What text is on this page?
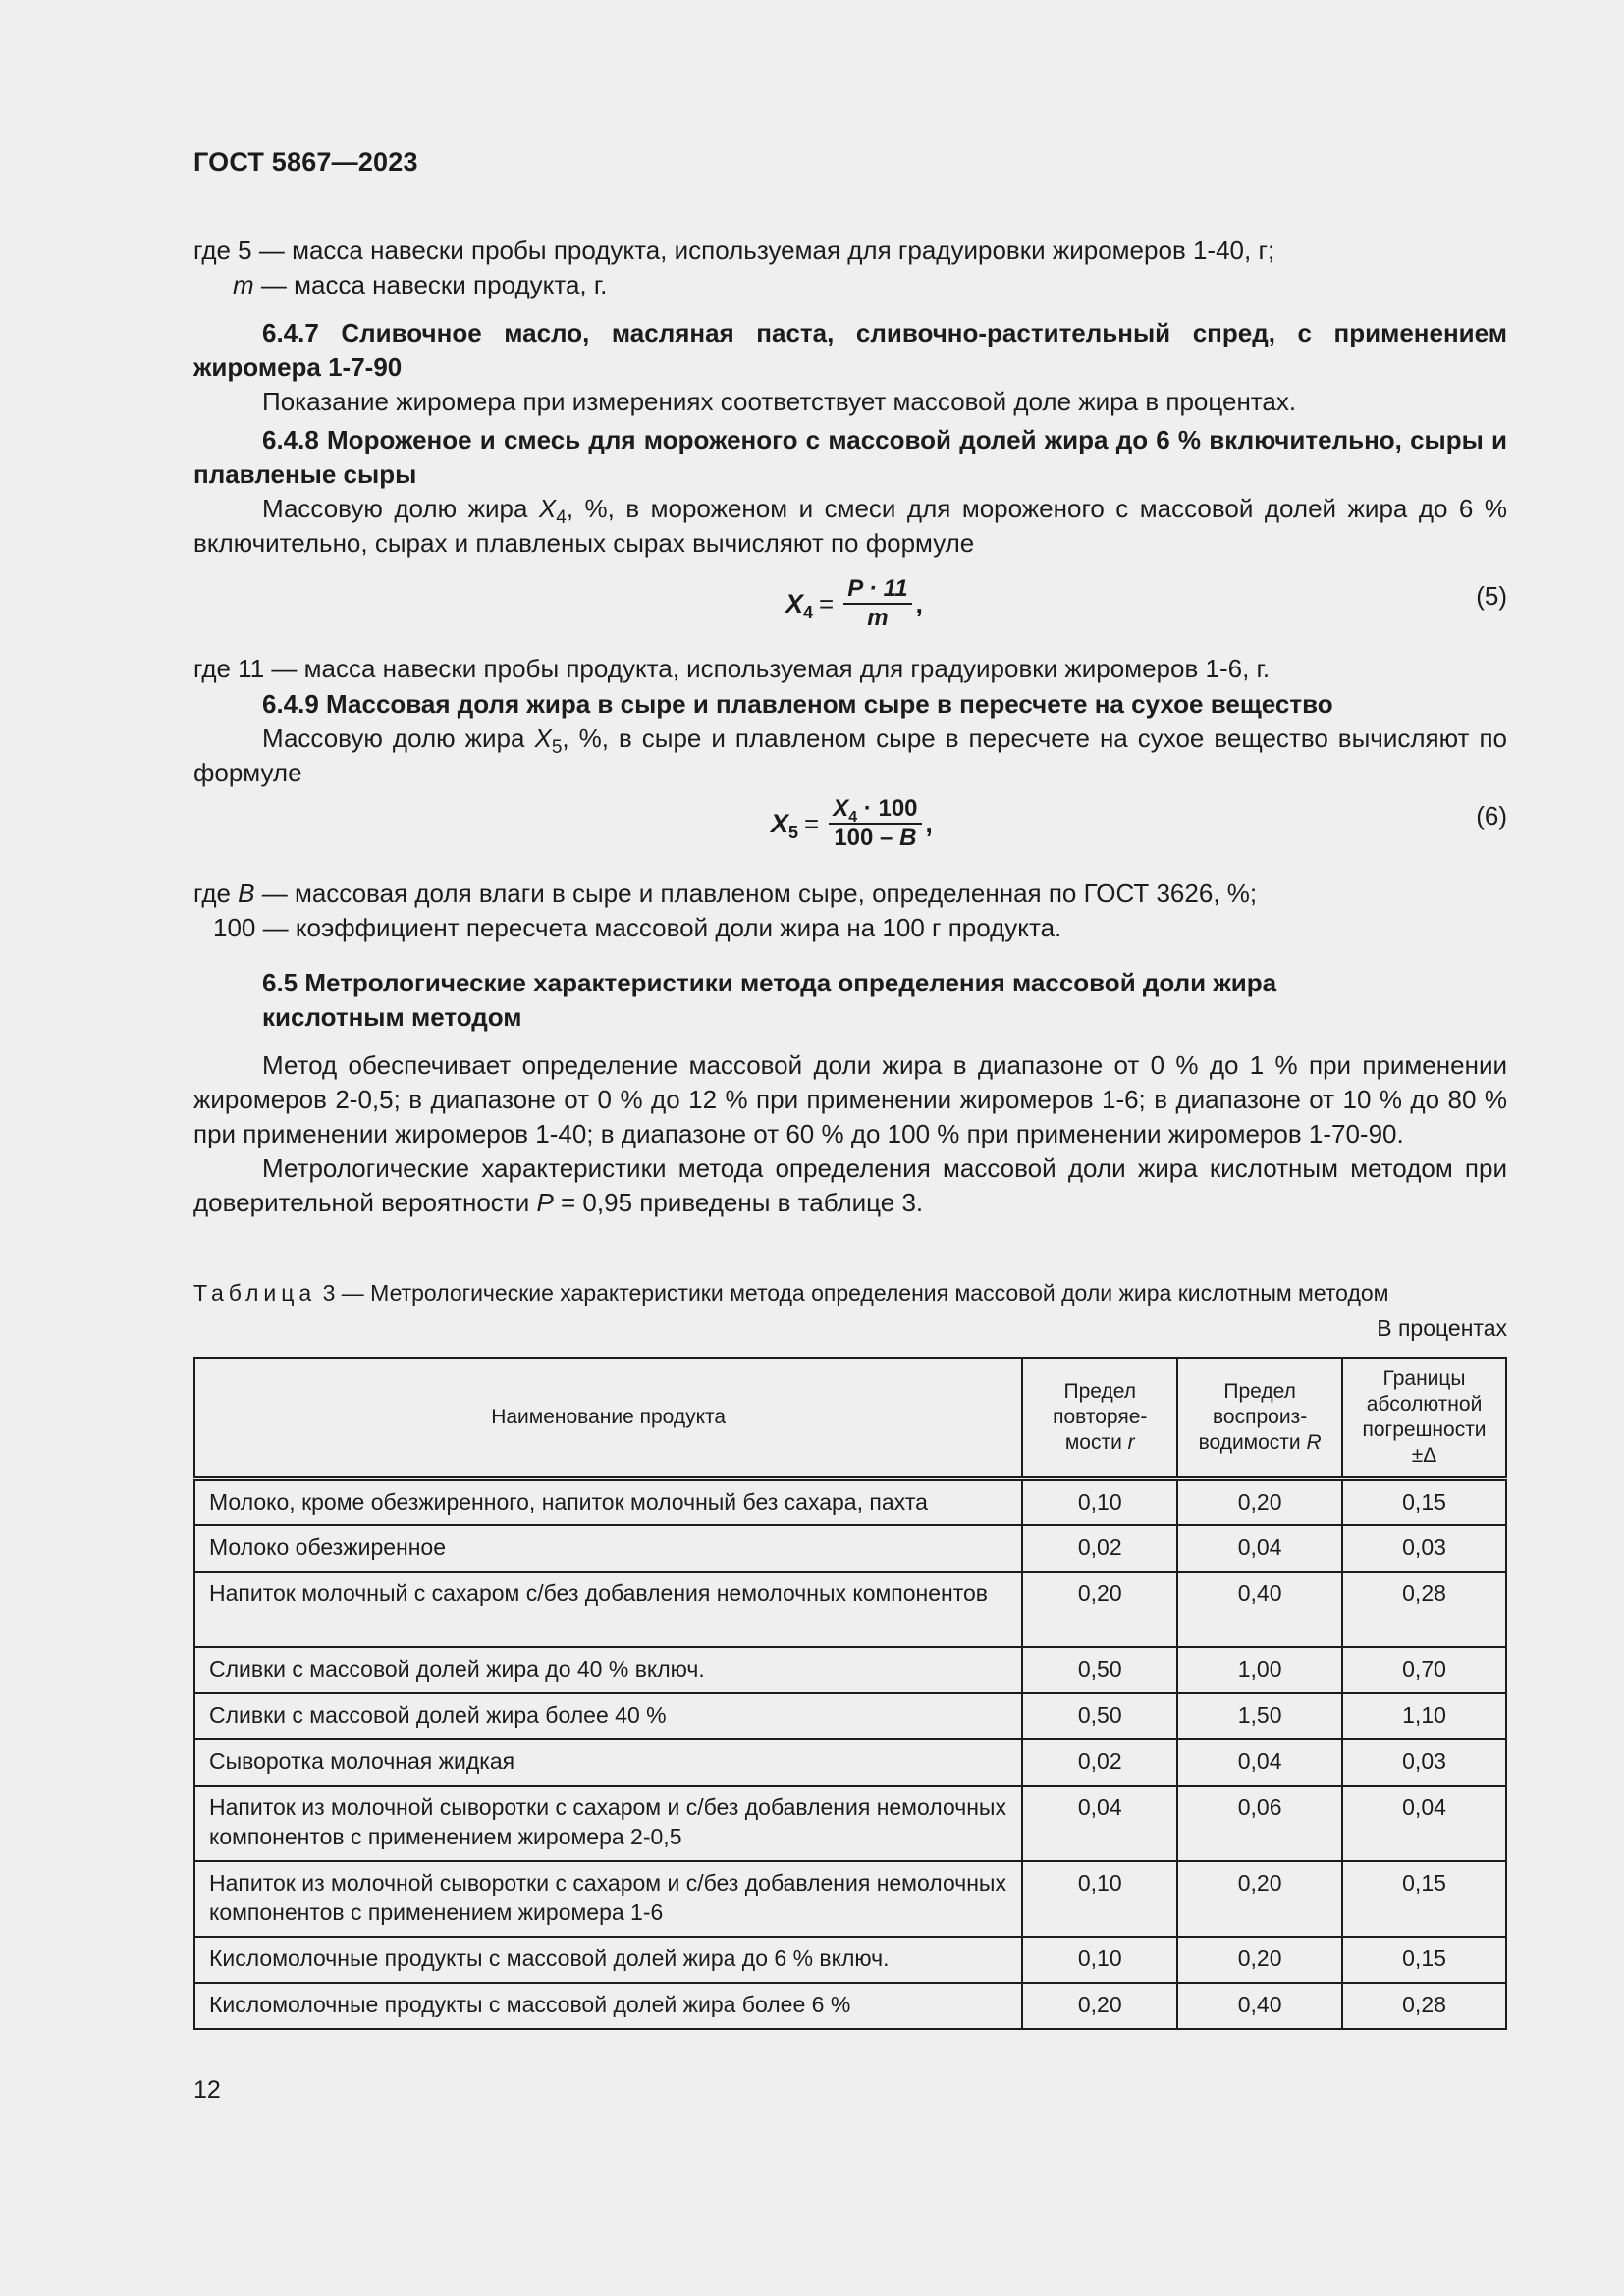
ГОСТ 5867—2023

где 5 — масса навески пробы продукта, используемая для градуировки жиромеров 1-40, г;

m — масса навески продукта, г.

6.4.7 Сливочное масло, масляная паста, сливочно-растительный спред, с применением жиромера 1-7-90

Показание жиромера при измерениях соответствует массовой доле жира в процентах.

6.4.8 Мороженое и смесь для мороженого с массовой долей жира до 6 % включительно, сыры и плавленые сыры

Массовую долю жира $X_4$, %, в мороженом и смеси для мороженого с массовой долей жира до 6 % включительно, сырах и плавленых сырах вычисляют по формуле

$X_4 = \frac{P \cdot 11}{m}$ ,	(5)

где 11 — масса навески пробы продукта, используемая для градуировки жиромеров 1-6, г.

6.4.9 Массовая доля жира в сыре и плавленом сыре в пересчете на сухое вещество

Массовую долю жира $X_5$, %, в сыре и плавленом сыре в пересчете на сухое вещество вычисляют по формуле

$X_5 = \frac{X_4 \cdot 100}{100 - B}$ ,	(6)

где B — массовая доля влаги в сыре и плавленом сыре, определенная по ГОСТ 3626, %;

100 — коэффициент пересчета массовой доли жира на 100 г продукта.

6.5 Метрологические характеристики метода определения массовой доли жира

кислотным методом

Метод обеспечивает определение массовой доли жира в диапазоне от 0 % до 1 % при применении жиромеров 2-0,5; в диапазоне от 0 % до 12 % при применении жиромеров 1-6; в диапазоне от 10 % до 80 % при применении жиромеров 1-40; в диапазоне от 60 % до 100 % при применении жиромеров 1-70-90.

Метрологические характеристики метода определения массовой доли жира кислотным методом при доверительной вероятности P = 0,95 приведены в таблице 3.

Таблица 3 — Метрологические характеристики метода определения массовой доли жира кислотным методом
В процентах
Наименование продукта	Предел повторяемости r	Предел воспроизводимости R	Границы абсолютной погрешности ±Δ
Молоко, кроме обезжиренного, напиток молочный без сахара, пахта	0,10	0,20	0,15
Молоко обезжиренное	0,02	0,04	0,03
Напиток молочный с сахаром с/без добавления немолочных компонентов	0,20	0,40	0,28
Сливки с массовой долей жира до 40 % включ.	0,50	1,00	0,70
Сливки с массовой долей жира более 40 %	0,50	1,50	1,10
Сыворотка молочная жидкая	0,02	0,04	0,03
Напиток из молочной сыворотки с сахаром и с/без добавления немолочных компонентов с применением жиромера 2-0,5	0,04	0,06	0,04
Напиток из молочной сыворотки с сахаром и с/без добавления немолочных компонентов с применением жиромера 1-6	0,10	0,20	0,15
Кисломолочные продукты с массовой долей жира до 6 % включ.	0,10	0,20	0,15
Кисломолочные продукты с массовой долей жира более 6 %	0,20	0,40	0,28
12
